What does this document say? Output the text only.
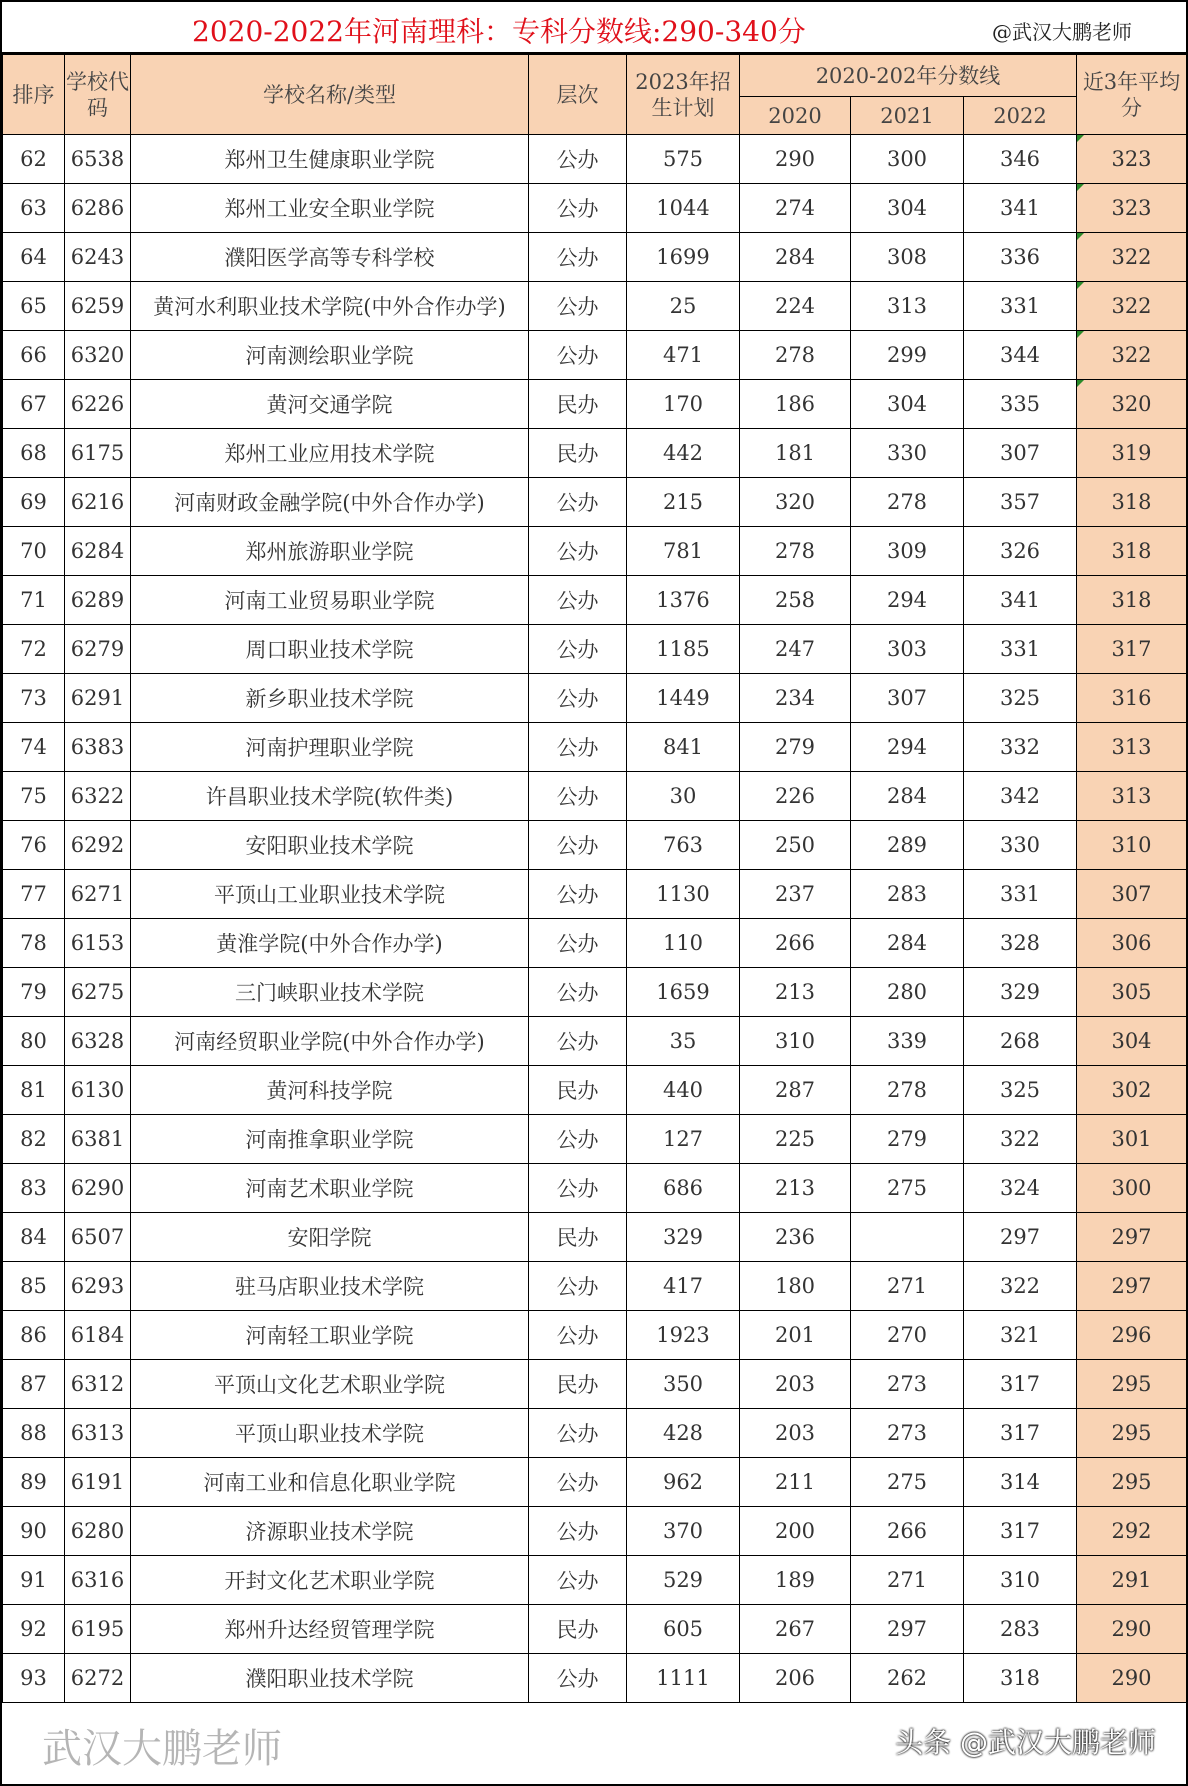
2020-2022年河南理科：专科分数线:290-340分	@武汉大鹏老师
排序	学校代码	学校名称/类型	层次	2023年招生计划	2020-202年分数线			近3年平均分
					2020	2021	2022	
62	6538	郑州卫生健康职业学院	公办	575	290	300	346	323
63	6286	郑州工业安全职业学院	公办	1044	274	304	341	323
64	6243	濮阳医学高等专科学校	公办	1699	284	308	336	322
65	6259	黄河水利职业技术学院(中外合作办学)	公办	25	224	313	331	322
66	6320	河南测绘职业学院	公办	471	278	299	344	322
67	6226	黄河交通学院	民办	170	186	304	335	320
68	6175	郑州工业应用技术学院	民办	442	181	330	307	319
69	6216	河南财政金融学院(中外合作办学)	公办	215	320	278	357	318
70	6284	郑州旅游职业学院	公办	781	278	309	326	318
71	6289	河南工业贸易职业学院	公办	1376	258	294	341	318
72	6279	周口职业技术学院	公办	1185	247	303	331	317
73	6291	新乡职业技术学院	公办	1449	234	307	325	316
74	6383	河南护理职业学院	公办	841	279	294	332	313
75	6322	许昌职业技术学院(软件类)	公办	30	226	284	342	313
76	6292	安阳职业技术学院	公办	763	250	289	330	310
77	6271	平顶山工业职业技术学院	公办	1130	237	283	331	307
78	6153	黄淮学院(中外合作办学)	公办	110	266	284	328	306
79	6275	三门峡职业技术学院	公办	1659	213	280	329	305
80	6328	河南经贸职业学院(中外合作办学)	公办	35	310	339	268	304
81	6130	黄河科技学院	民办	440	287	278	325	302
82	6381	河南推拿职业学院	公办	127	225	279	322	301
83	6290	河南艺术职业学院	公办	686	213	275	324	300
84	6507	安阳学院	民办	329	236		297	297
85	6293	驻马店职业技术学院	公办	417	180	271	322	297
86	6184	河南轻工职业学院	公办	1923	201	270	321	296
87	6312	平顶山文化艺术职业学院	民办	350	203	273	317	295
88	6313	平顶山职业技术学院	公办	428	203	273	317	295
89	6191	河南工业和信息化职业学院	公办	962	211	275	314	295
90	6280	济源职业技术学院	公办	370	200	266	317	292
91	6316	开封文化艺术职业学院	公办	529	189	271	310	291
92	6195	郑州升达经贸管理学院	民办	605	267	297	283	290
93	6272	濮阳职业技术学院	公办	1111	206	262	318	290
武汉大鹏老师	头条 @武汉大鹏老师
